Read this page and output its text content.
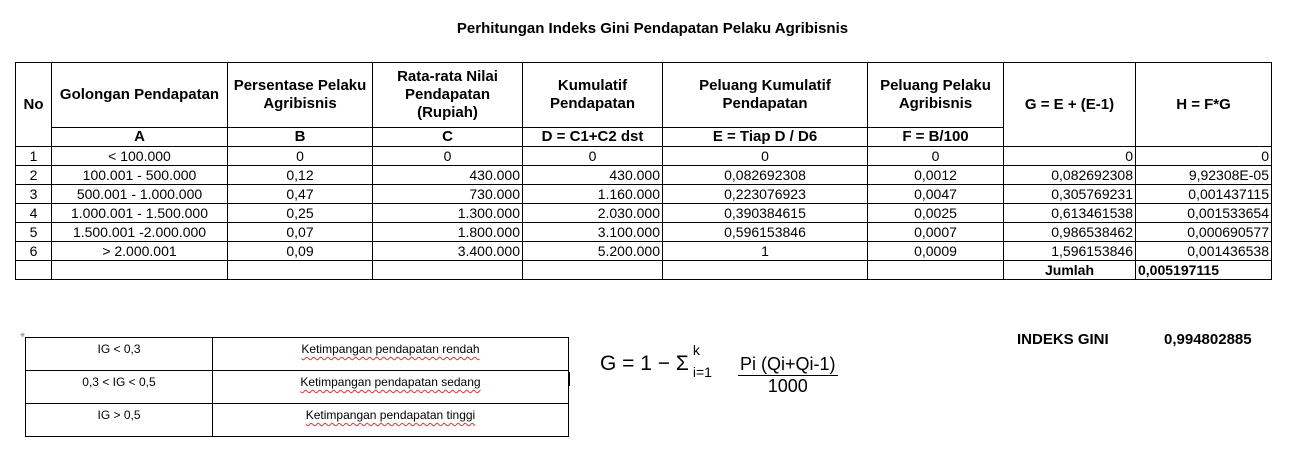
Perhitungan Indeks Gini Pendapatan Pelaku Agribisnis
No	Golongan Pendapatan	Persentase Pelaku Agribisnis	Rata-rata Nilai Pendapatan (Rupiah)	Kumulatif Pendapatan	Peluang Kumulatif Pendapatan	Peluang Pelaku Agribisnis	G = E + (E-1)	H = F*G
	A	B	C	D = C1+C2 dst	E = Tiap D / D6	F = B/100		
1	< 100.000	0	0	0	0	0	0	0
2	100.001 - 500.000	0,12	430.000	430.000	0,082692308	0,0012	0,082692308	9,92308E-05
3	500.001 - 1.000.000	0,47	730.000	1.160.000	0,223076923	0,0047	0,305769231	0,001437115
4	1.000.001 - 1.500.000	0,25	1.300.000	2.030.000	0,390384615	0,0025	0,613461538	0,001533654
5	1.500.001 -2.000.000	0,07	1.800.000	3.100.000	0,596153846	0,0007	0,986538462	0,000690577
6	> 2.000.001	0,09	3.400.000	5.200.000	1	0,0009	1,596153846	0,001436538
							Jumlah	0,005197115
INDEKS GINI	0,994802885
⌖
IG < 0,3	Ketimpangan pendapatan rendah
0,3 < IG < 0,5	Ketimpangan pendapatan sedang
IG > 0,5	Ketimpangan pendapatan tinggi
G = 1 − Σ
k
$i=1 \frac{Pi (Qi+Qi-1)}{1000}$
